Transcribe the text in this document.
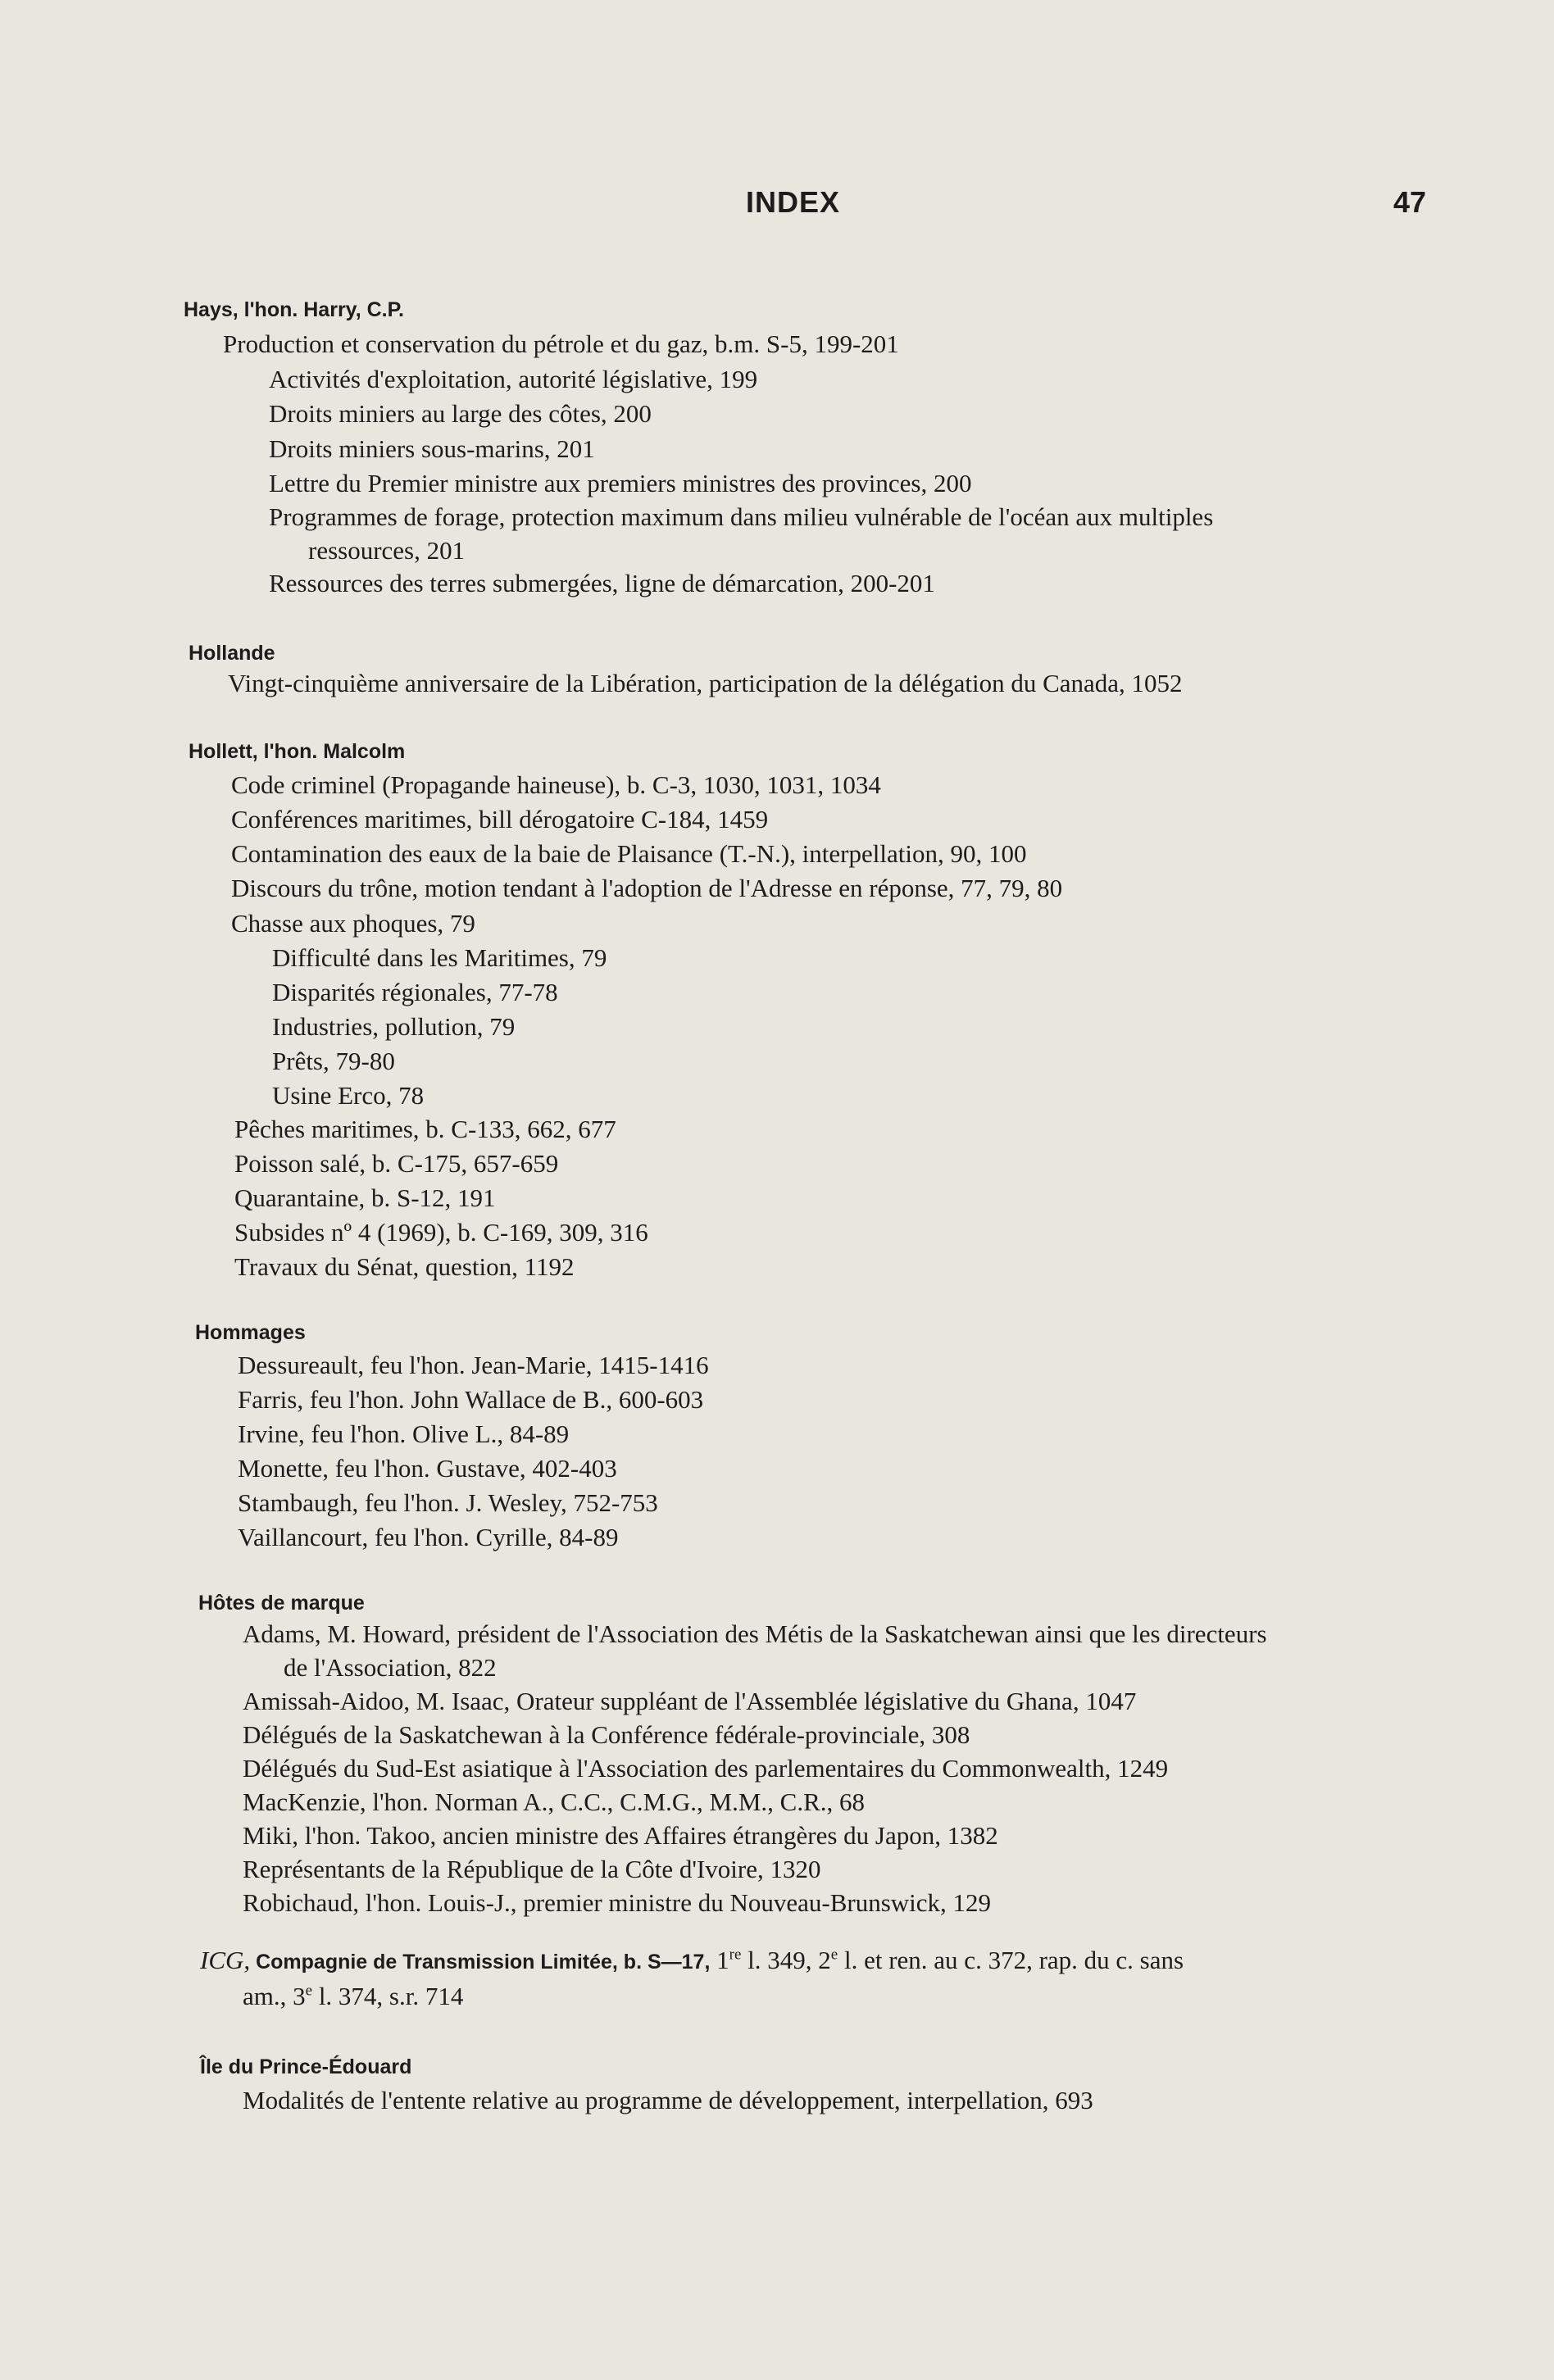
INDEX	47
Hays, l'hon. Harry, C.P.
Production et conservation du pétrole et du gaz, b.m. S-5, 199-201
Activités d'exploitation, autorité législative, 199
Droits miniers au large des côtes, 200
Droits miniers sous-marins, 201
Lettre du Premier ministre aux premiers ministres des provinces, 200
Programmes de forage, protection maximum dans milieu vulnérable de l'océan aux multiples
ressources, 201
Ressources des terres submergées, ligne de démarcation, 200-201
Hollande
Vingt-cinquième anniversaire de la Libération, participation de la délégation du Canada, 1052
Hollett, l'hon. Malcolm
Code criminel (Propagande haineuse), b. C-3, 1030, 1031, 1034
Conférences maritimes, bill dérogatoire C-184, 1459
Contamination des eaux de la baie de Plaisance (T.-N.), interpellation, 90, 100
Discours du trône, motion tendant à l'adoption de l'Adresse en réponse, 77, 79, 80
Chasse aux phoques, 79
Difficulté dans les Maritimes, 79
Disparités régionales, 77-78
Industries, pollution, 79
Prêts, 79-80
Usine Erco, 78
Pêches maritimes, b. C-133, 662, 677
Poisson salé, b. C-175, 657-659
Quarantaine, b. S-12, 191
Subsides nº 4 (1969), b. C-169, 309, 316
Travaux du Sénat, question, 1192
Hommages
Dessureault, feu l'hon. Jean-Marie, 1415-1416
Farris, feu l'hon. John Wallace de B., 600-603
Irvine, feu l'hon. Olive L., 84-89
Monette, feu l'hon. Gustave, 402-403
Stambaugh, feu l'hon. J. Wesley, 752-753
Vaillancourt, feu l'hon. Cyrille, 84-89
Hôtes de marque
Adams, M. Howard, président de l'Association des Métis de la Saskatchewan ainsi que les directeurs
de l'Association, 822
Amissah-Aidoo, M. Isaac, Orateur suppléant de l'Assemblée législative du Ghana, 1047
Délégués de la Saskatchewan à la Conférence fédérale-provinciale, 308
Délégués du Sud-Est asiatique à l'Association des parlementaires du Commonwealth, 1249
MacKenzie, l'hon. Norman A., C.C., C.M.G., M.M., C.R., 68
Miki, l'hon. Takoo, ancien ministre des Affaires étrangères du Japon, 1382
Représentants de la République de la Côte d'Ivoire, 1320
Robichaud, l'hon. Louis-J., premier ministre du Nouveau-Brunswick, 129
ICG, Compagnie de Transmission Limitée, b. S—17, 1re l. 349, 2e l. et ren. au c. 372, rap. du c. sans
am., 3e l. 374, s.r. 714
Île du Prince-Édouard
Modalités de l'entente relative au programme de développement, interpellation, 693
